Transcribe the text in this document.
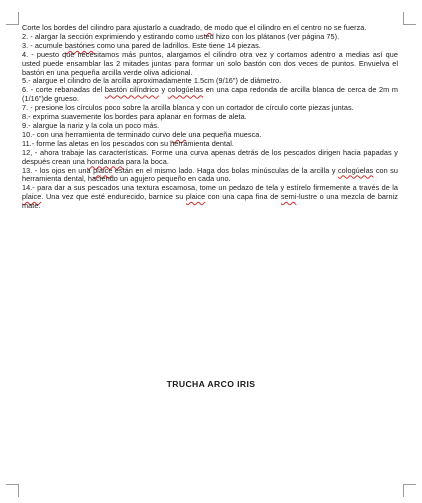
Corte los bordes del cilindro para ajustarlo a cuadrado, de modo que el cilindro en el centro no se fuerza.

2. - alargar la sección exprimiendo y estirando como usted hizo con los plátanos (ver página 75).

3. - acumule bastónes como una pared de ladrillos. Este tiene 14 piezas.

4. - puesto que necesitamos más puntos, alargamos el cilindro otra vez y cortamos adentro a medias así que usted puede ensamblar las 2 mitades juntas para formar un solo bastón con dos veces de puntos. Envuelva el bastón en una pequeña arcilla verde oliva adicional.

5.- alargue el cilindro de la arcilla aproximadamente 1.5cm (9/16") de diámetro.

6. - corte rebanadas del bastón cilíndrico y cologúelas en una capa redonda de arcilla blanca de cerca de 2m m (1/16")de grueso.

7. - presione los círculos poco sobre la arcilla blanca y con un cortador de círculo corte piezas juntas.

8.- exprima suavemente los bordes para aplanar en formas de aleta.

9.- alargue la nariz y la cola un poco más.

10.- con una herramienta de terminado curvo dele una pequeña muesca.

11.- forme las aletas en los pescados con su herramienta dental.

12, - ahora trabaje las características. Forme una curva apenas detrás de los pescados dirigen hacia papadas y después crean una hondanada para la boca.

13. - los ojos en una plaice están en el mismo lado. Haga dos bolas minúsculas de la arcilla y cologúelas con su herramienta dental, haciendo un agujero pequeño en cada uno.

14.- para dar a sus pescados una textura escamosa, tome un pedazo de tela y estírelo firmemente a través de la plaice. Una vez que esté endurecido, barnice su plaice con una capa fina de semi-lustre o una mezcla de barniz mate.

TRUCHA ARCO IRIS
